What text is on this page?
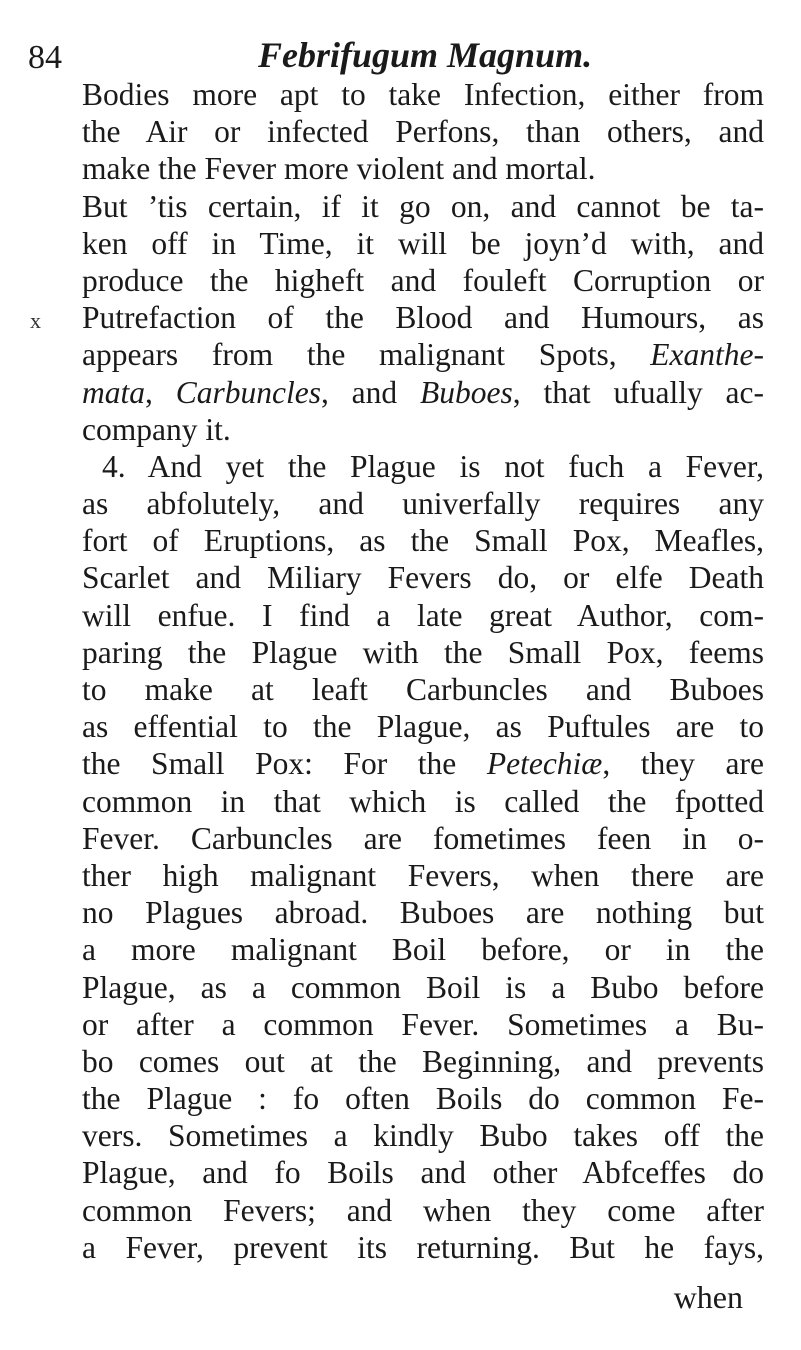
84	Febrifugum Magnum.
x
Bodies more apt to take Infection, either from
the Air or infected Perfons, than others, and
make the Fever more violent and mortal.
But ’tis certain, if it go on, and cannot be ta-
ken off in Time, it will be joyn’d with, and
produce the higheft and fouleft Corruption or
Putrefaction of the Blood and Humours, as
appears from the malignant Spots, Exanthe-
mata, Carbuncles, and Buboes, that ufually ac-
company it.
4. And yet the Plague is not fuch a Fever,
as abfolutely, and univerfally requires any
fort of Eruptions, as the Small Pox, Meafles,
Scarlet and Miliary Fevers do, or elfe Death
will enfue. I find a late great Author, com-
paring the Plague with the Small Pox, feems
to make at leaft Carbuncles and Buboes
as effential to the Plague, as Puftules are to
the Small Pox: For the Petechiæ, they are
common in that which is called the fpotted
Fever. Carbuncles are fometimes feen in o-
ther high malignant Fevers, when there are
no Plagues abroad. Buboes are nothing but
a more malignant Boil before, or in the
Plague, as a common Boil is a Bubo before
or after a common Fever. Sometimes a Bu-
bo comes out at the Beginning, and prevents
the Plague : fo often Boils do common Fe-
vers. Sometimes a kindly Bubo takes off the
Plague, and fo Boils and other Abfceffes do
common Fevers; and when they come after
a Fever, prevent its returning. But he fays,
when
